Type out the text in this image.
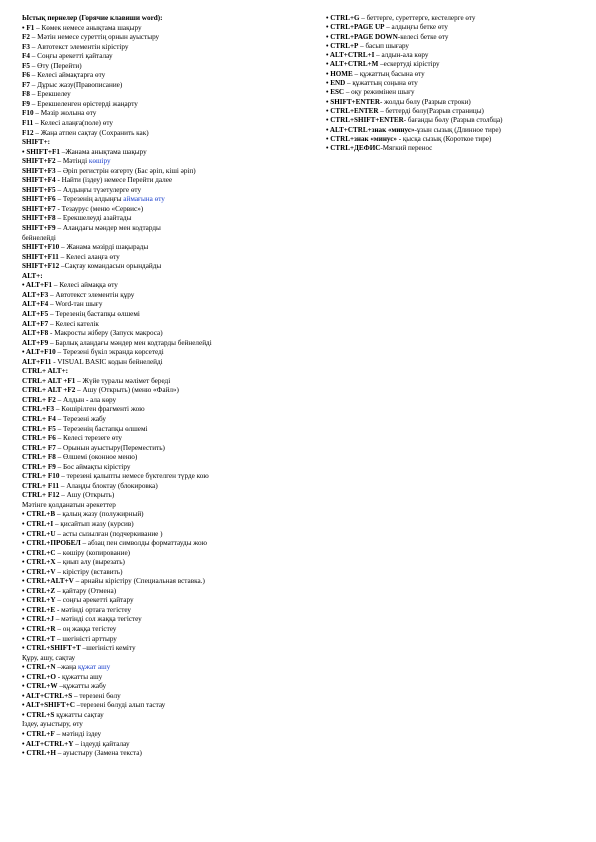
Ыстық пернелер (Горячие клавиши word):
• F1 – Көмек немесе анықтама шақыру
F2 – Мәтін немесе суреттің орнын ауыстыру
F3 – Автотекст элементін кірістіру
F4 – Соңғы әрекетті қайталау
F5 – Өту (Перейти)
F6 – Келесі аймақтарға өту
F7 – Дұрыс жазу(Правописание)
F8 – Ерекшелеу
F9 – Ерекшеленген өрістерді жаңарту
F10 – Мәзір жолына өту
F11 – Келесі алаңға(поле) өту
F12 – Жаңа атпен сақтау (Сохранить как)
SHIFT+:
• SHIFT+F1 –Жанама анықтама шақыру
SHIFT+F2 – Мәтінді көшіру
SHIFT+F3 – Әріп регистрін өзгерту (Бас әріп, кіші әріп)
SHIFT+F4 - Найти (іздеу) немесе Перейти далее
SHIFT+F5 – Алдыңғы түзетулерге өту
SHIFT+F6 – Терезенің алдыңғы аймағына өту
SHIFT+F7 - Тезаурус (меню «Сервис»)
SHIFT+F8 – Ерекшелеуді азайтады
SHIFT+F9 – Алаңдағы мәндер мен кодтарды
бейнелейді
SHIFT+F10 – Жанама мәзірді шақырады
SHIFT+F11 – Келесі алаңға өту
SHIFT+F12 –Сақтау командасын орындайды
ALT+:
• ALT+F1 – Келесі аймаққа өту
ALT+F3 – Автотекст элементін құру
ALT+F4 – Word-тан шығу
ALT+F5 – Терезенің бастапқы өлшемі
ALT+F7 – Келесі кателік
ALT+F8 - Макросты жіберу (Запуск макроса)
ALT+F9 – Барлық алаңдағы мәндер мен кодтарды бейнелейді
• ALT+F10 – Терезені бүкіл экранда көрсетеді
ALT+F11 - VISUAL BASIC кодын бейнелейді
CTRL+ ALT+:
CTRL+ ALT +F1 – Жүйе туралы мәлімет береді
CTRL+ ALT +F2 – Ашу (Открыть) (меню «Файл»)
CTRL+ F2 – Алдын - ала көру
CTRL+F3 – Көшірілген фрагменті жою
CTRL+ F4 – Терезені жабу
CTRL+ F5 – Терезенің бастапқы өлшемі
CTRL+ F6 – Келесі терезеге өту
CTRL+ F7 – Орынын ауыстыру(Переместить)
CTRL+ F8 – Өлшемі (оконное меню)
CTRL+ F9 – Бос аймақты кірістіру
CTRL+ F10 – терезені қалыпты немесе бүктелген түрде кою
CTRL+ F11 – Алаңды блоктау (блокировка)
CTRL+ F12 – Ашу (Открыть)
Мәтінге қолданатын әрекеттер
• CTRL+B – қалың жазу (полужирный)
• CTRL+I – қисайтып жазу (курсив)
• CTRL+U – асты сызылған (подчеркивание )
• CTRL+ПРОБЕЛ – абзац пен символды форматтауды жою
• CTRL+C – көшіру (копирование)
• CTRL+X – қиып алу (вырезать)
• CTRL+V – кірістіру (вставить)
• CTRL+ALT+V – арнайы кірістіру (Специальная вставка.)
• CTRL+Z – қайтару (Отмена)
• CTRL+Y – соңғы әрекетті қайтару
• CTRL+E - мәтінді ортаға тегістеу
• CTRL+J – мәтінді сол жаққа тегістеу
• CTRL+R – оң жаққа тегістеу
• CTRL+T – шегіністі арттыру
• CTRL+SHIFT+T –шегіністі кеміту
Құру, ашу, сақтау
• CTRL+N –жаңа құжат ашу
• CTRL+O - құжатты ашу
• CTRL+W –құжатты жабу
• ALT+CTRL+S – терезені бөлу
• ALT+SHIFT+C –терезені бөлуді алып тастау
• CTRL+S құжатты сақтау
Іздеу, ауыстыру, өту
• CTRL+F – мәтінді іздеу
• ALT+CTRL+Y – іздеуді қайталау
• CTRL+H – ауыстыру (Замена текста)
• CTRL+G – беттерге, суреттерге, кестелерге өту
• CTRL+PAGE UP – алдыңғы бетке өту
• CTRL+PAGE DOWN-келесі бетке өту
• CTRL+P – басып шығару
• ALT+CTRL+I – алдын-ала көру
• ALT+CTRL+M –ескертуді кірістіру
• HOME – құжаттың басына өту
• END – құжаттың соңына өту
• ESC – оқу режимінен шығу
• SHIFT+ENTER- жолды бөлу (Разрыв строки)
• CTRL+ENTER – беттерді бөлу(Разрыв страницы)
• CTRL+SHIFT+ENTER- бағанды бөлу (Разрыв столбца)
• ALT+CTRL+знак «минус»-ұзын сызық (Длинное тире)
• CTRL+знак «минус» - қысқа сызық (Короткое тире)
• CTRL+ДЕФИС-Мягкий перенос
